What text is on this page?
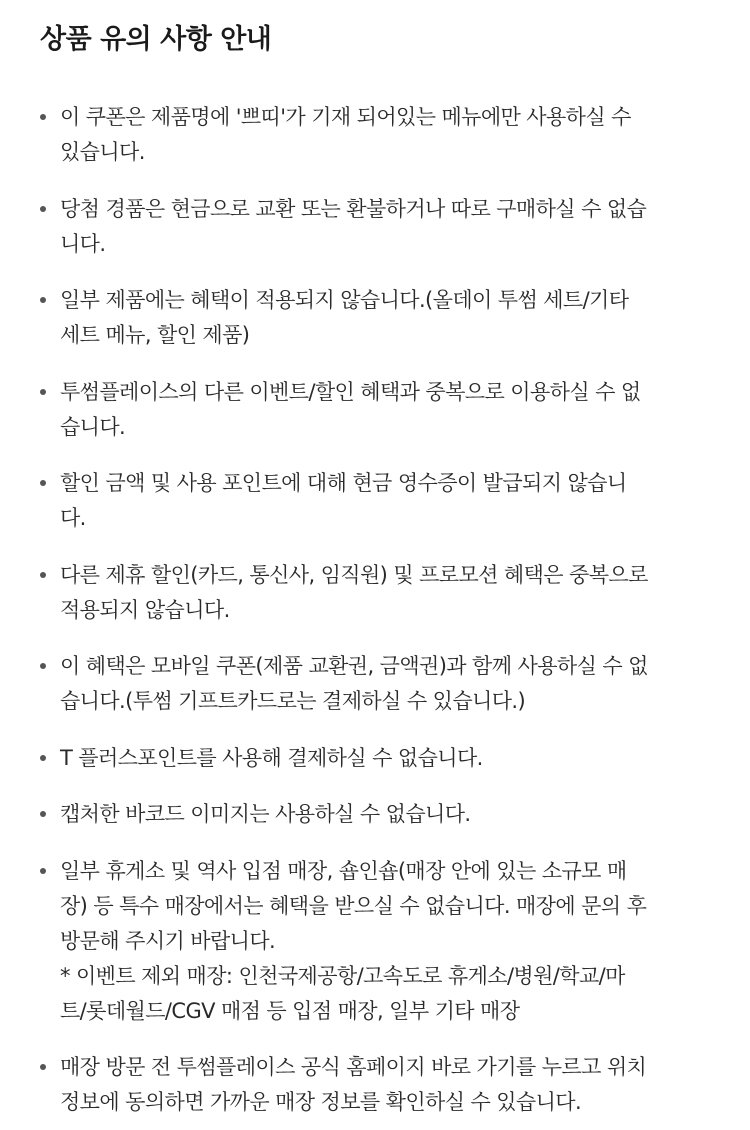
상품 유의 사항 안내
이 쿠폰은 제품명에 '쁘띠'가 기재 되어있는 메뉴에만 사용하실 수
있습니다.
당첨 경품은 현금으로 교환 또는 환불하거나 따로 구매하실 수 없습
니다.
일부 제품에는 혜택이 적용되지 않습니다.(올데이 투썸 세트/기타
세트 메뉴, 할인 제품)
투썸플레이스의 다른 이벤트/할인 혜택과 중복으로 이용하실 수 없
습니다.
할인 금액 및 사용 포인트에 대해 현금 영수증이 발급되지 않습니
다.
다른 제휴 할인(카드, 통신사, 임직원) 및 프로모션 혜택은 중복으로
적용되지 않습니다.
이 혜택은 모바일 쿠폰(제품 교환권, 금액권)과 함께 사용하실 수 없
습니다.(투썸 기프트카드로는 결제하실 수 있습니다.)
T 플러스포인트를 사용해 결제하실 수 없습니다.
캡처한 바코드 이미지는 사용하실 수 없습니다.
일부 휴게소 및 역사 입점 매장, 숍인숍(매장 안에 있는 소규모 매
장) 등 특수 매장에서는 혜택을 받으실 수 없습니다. 매장에 문의 후
방문해 주시기 바랍니다.
* 이벤트 제외 매장: 인천국제공항/고속도로 휴게소/병원/학교/마
트/롯데월드/CGV 매점 등 입점 매장, 일부 기타 매장
매장 방문 전 투썸플레이스 공식 홈페이지 바로 가기를 누르고 위치
정보에 동의하면 가까운 매장 정보를 확인하실 수 있습니다.
